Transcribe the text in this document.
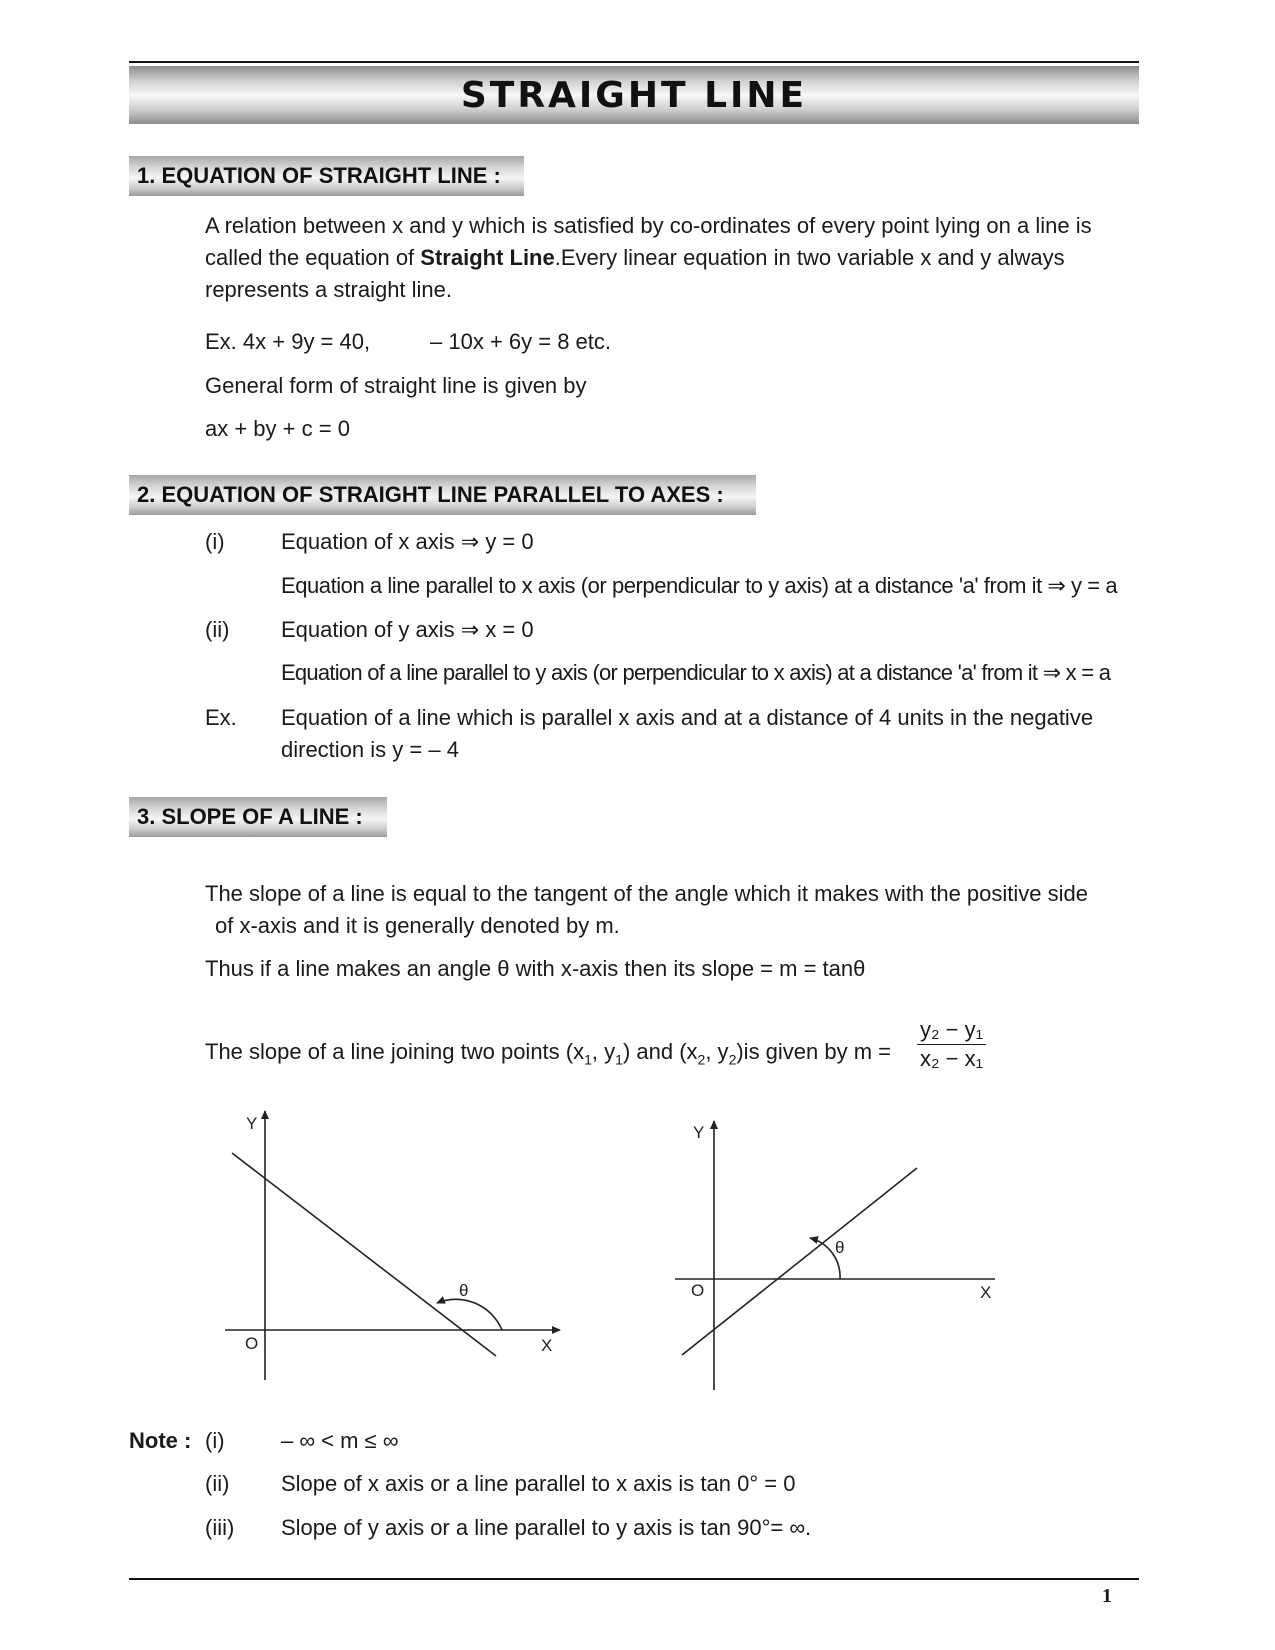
STRAIGHT LINE
1. EQUATION OF STRAIGHT LINE :
A relation between x and y which is satisfied by co-ordinates of every point lying on a line is
called the equation of Straight Line.Every linear equation in two variable x and y always
represents a straight line.
Ex. 4x + 9y = 40,	– 10x + 6y = 8 etc.
General form of straight line is given by
ax + by + c = 0
2. EQUATION OF STRAIGHT LINE PARALLEL TO AXES :
(i)	Equation of x axis ⇒ y = 0
Equation a line parallel to x axis (or perpendicular to y axis) at a distance 'a' from it ⇒ y = a
(ii) Equation of y axis ⇒ x = 0
Equation of a line parallel to y axis (or perpendicular to x axis) at a distance 'a' from it ⇒ x = a
Ex. Equation of a line which is parallel x axis and at a distance of 4 units in the negative
direction is y = – 4
3. SLOPE OF A LINE :
The slope of a line is equal to the tangent of the angle which it makes with the positive side
of x-axis and it is generally denoted by m.
Thus if a line makes an angle θ with x-axis then its slope = m = tanθ
The slope of a line joining two points ($x_1$, $y_1$) and ($x_2$, $y_2)is$ given by $m = \frac{\text{y₂ − y₁}}{\text{x₂ − x₁}}$
Y
X
O
θ
Y
X
O
θ
Note : (i)	– ∞ < m ≤ ∞
(ii) Slope of x axis or a line parallel to x axis is tan 0° = 0
(iii) Slope of y axis or a line parallel to y axis is tan 90°= ∞.
1
